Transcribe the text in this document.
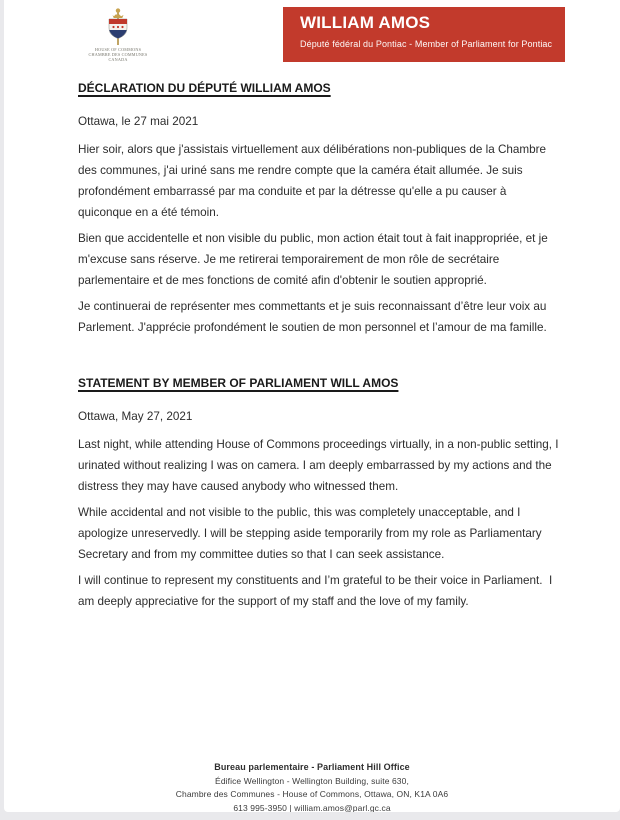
HOUSE OF COMMONS
CHAMBRE DES COMMUNES
CANADA
WILLIAM AMOS
Député fédéral du Pontiac - Member of Parliament for Pontiac
DÉCLARATION DU DÉPUTÉ WILLIAM AMOS
Ottawa, le 27 mai 2021

Hier soir, alors que j'assistais virtuellement aux délibérations non-publiques de la Chambre des communes, j'ai uriné sans me rendre compte que la caméra était allumée. Je suis profondément embarrassé par ma conduite et par la détresse qu'elle a pu causer à quiconque en a été témoin.

Bien que accidentelle et non visible du public, mon action était tout à fait inappropriée, et je m'excuse sans réserve. Je me retirerai temporairement de mon rôle de secrétaire parlementaire et de mes fonctions de comité afin d'obtenir le soutien approprié.

Je continuerai de représenter mes commettants et je suis reconnaissant d’être leur voix au Parlement. J'apprécie profondément le soutien de mon personnel et l’amour de ma famille.

STATEMENT BY MEMBER OF PARLIAMENT WILL AMOS
Ottawa, May 27, 2021

Last night, while attending House of Commons proceedings virtually, in a non-public setting, I urinated without realizing I was on camera. I am deeply embarrassed by my actions and the distress they may have caused anybody who witnessed them.

While accidental and not visible to the public, this was completely unacceptable, and I apologize unreservedly. I will be stepping aside temporarily from my role as Parliamentary Secretary and from my committee duties so that I can seek assistance.

I will continue to represent my constituents and I’m grateful to be their voice in Parliament.  I am deeply appreciative for the support of my staff and the love of my family.

Bureau parlementaire - Parliament Hill Office
Édifice Wellington - Wellington Building, suite 630,
Chambre des Communes - House of Commons, Ottawa, ON, K1A 0A6
613 995-3950 | william.amos@parl.gc.ca
